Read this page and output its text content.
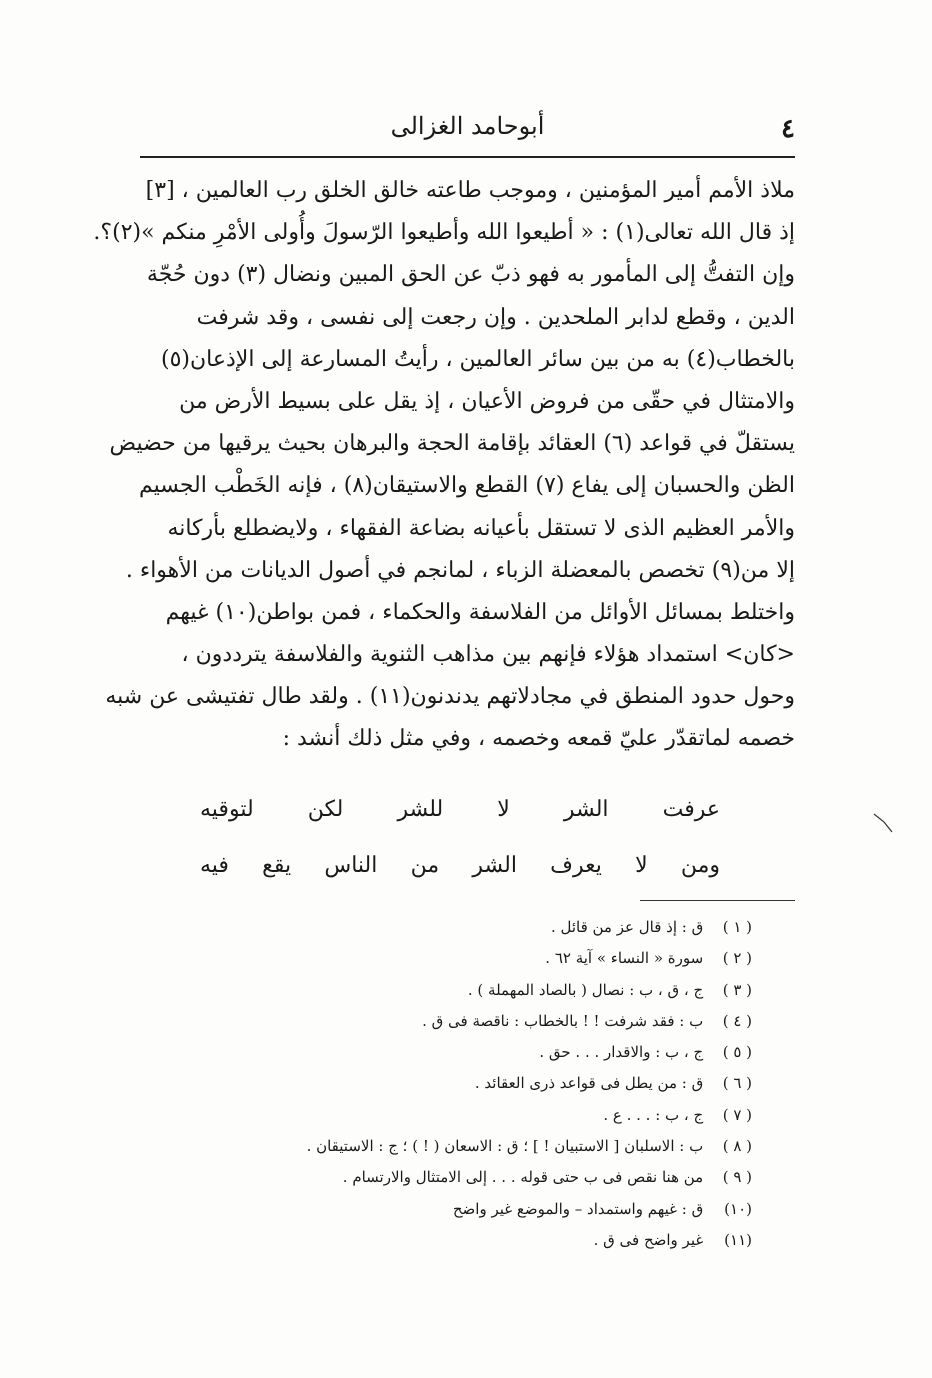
٤
أبوحامد الغزالى
ملاذ الأمم أمير المؤمنين ، وموجب طاعته خالق الخلق رب العالمين ، [٣]
إذ قال الله تعالى(١) : « أطيعوا الله وأطيعوا الرّسولَ وأُولى الأمْرِ منكم »(٢)؟.
وإن التفتُّ إلى المأمور به فهو ذبّ عن الحق المبين ونضال (٣) دون حُجّة
الدين ، وقطع لدابر الملحدين . وإن رجعت إلى نفسى ، وقد شرفت
بالخطاب(٤) به من بين سائر العالمين ، رأيتُ المسارعة إلى الإذعان(٥)
والامتثال في حقّى من فروض الأعيان ، إذ يقل على بسيط الأرض من
يستقلّ في قواعد (٦) العقائد بإقامة الحجة والبرهان بحيث يرقيها من حضيض
الظن والحسبان إلى يفاع (٧) القطع والاستيقان(٨) ، فإنه الخَطْب الجسيم
والأمر العظيم الذى لا تستقل بأعيانه بضاعة الفقهاء ، ولايضطلع بأركانه
إلا من(٩) تخصص بالمعضلة الزباء ، لمانجم في أصول الديانات من الأهواء .
واختلط بمسائل الأوائل من الفلاسفة والحكماء ، فمن بواطن(١٠) غيهم
<كان> استمداد هؤلاء فإنهم بين مذاهب الثنوية والفلاسفة يترددون ،
وحول حدود المنطق في مجادلاتهم يدندنون(١١) . ولقد طال تفتيشى عن شبه
خصمه لماتقدّر عليّ قمعه وخصمه ، وفي مثل ذلك أنشد :
عرفت الشر لا للشر لكن لتوقيه
ومن لا يعرف الشر من الناس يقع فيه
( ١ ) ق : إذ قال عز من قائل .
( ٢ ) سورة « النساء » آية ٦٢ .
( ٣ ) ج ، ق ، ب : نصال ( بالصاد المهملة ) .
( ٤ ) ب : فقد شرفت ! ! بالخطاب : ناقصة فى ق .
( ٥ ) ج ، ب : والاقدار . . . حق .
( ٦ ) ق : من يطل فى قواعد ذرى العقائد .
( ٧ ) ج ، ب : . . . ع .
( ٨ ) ب : الاسلبان [ الاستبيان ! ] ؛ ق : الاسعان ( ! ) ؛ ج : الاستيقان .
( ٩ ) من هنا نقص فى ب حتى قوله . . . إلى الامتثال والارتسام .
(١٠) ق : غيهم واستمداد – والموضع غير واضح
(١١) غير واضح فى ق .
